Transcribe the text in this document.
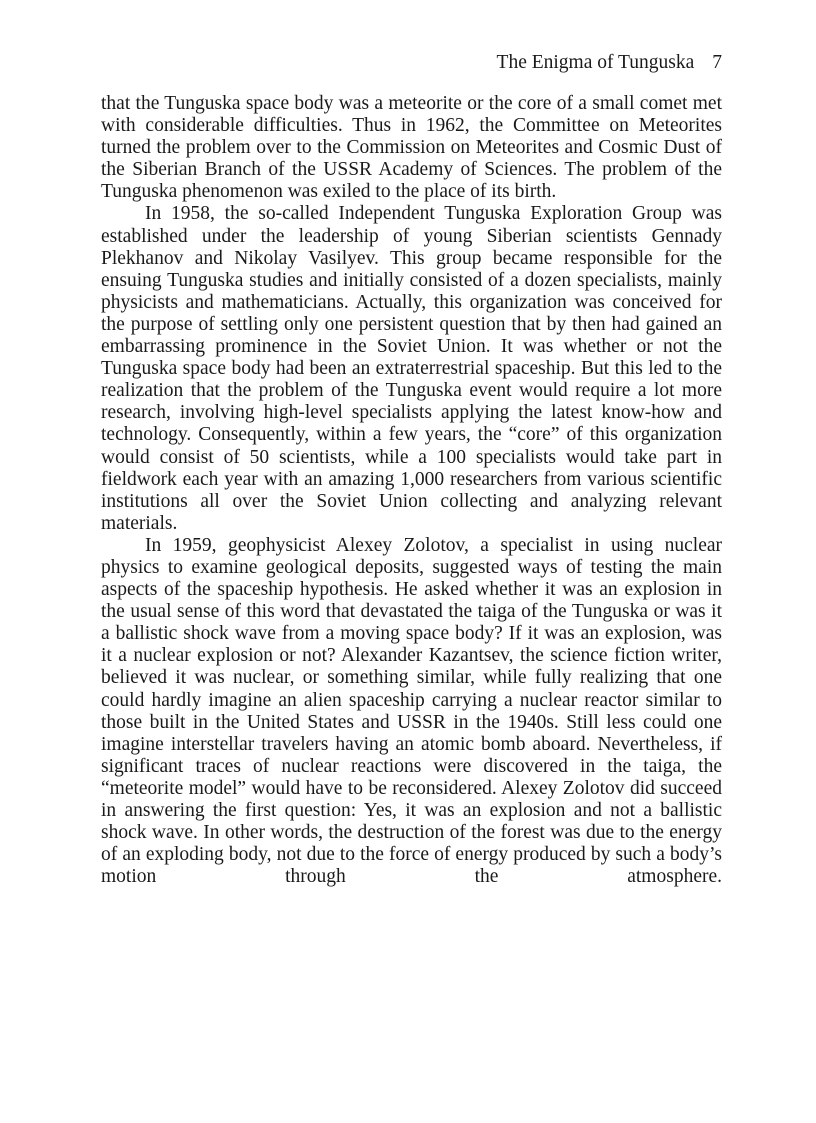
The Enigma of Tunguska 7

that the Tunguska space body was a meteorite or the core of a small comet met with considerable difficulties. Thus in 1962, the Committee on Meteorites turned the problem over to the Commission on Meteorites and Cosmic Dust of the Siberian Branch of the USSR Academy of Sciences. The problem of the Tunguska phenomenon was exiled to the place of its birth.

In 1958, the so-called Independent Tunguska Exploration Group was established under the leadership of young Siberian scientists Gennady Plekhanov and Nikolay Vasilyev. This group became responsible for the ensuing Tunguska studies and initially consisted of a dozen specialists, mainly physicists and mathematicians. Actually, this organization was conceived for the purpose of settling only one persistent question that by then had gained an embarrassing prominence in the Soviet Union. It was whether or not the Tunguska space body had been an extraterrestrial spaceship. But this led to the realization that the problem of the Tunguska event would require a lot more research, involving high-level specialists applying the latest know-how and technology. Consequently, within a few years, the “core” of this organization would consist of 50 scientists, while a 100 specialists would take part in fieldwork each year with an amazing 1,000 researchers from various scientific institutions all over the Soviet Union collecting and analyzing relevant materials.

In 1959, geophysicist Alexey Zolotov, a specialist in using nuclear physics to examine geological deposits, suggested ways of testing the main aspects of the spaceship hypothesis. He asked whether it was an explosion in the usual sense of this word that devastated the taiga of the Tunguska or was it a ballistic shock wave from a moving space body? If it was an explosion, was it a nuclear explosion or not? Alexander Kazantsev, the science fiction writer, believed it was nuclear, or something similar, while fully realizing that one could hardly imagine an alien spaceship carrying a nuclear reactor similar to those built in the United States and USSR in the 1940s. Still less could one imagine interstellar travelers having an atomic bomb aboard. Nevertheless, if significant traces of nuclear reactions were discovered in the taiga, the “meteorite model” would have to be reconsidered. Alexey Zolotov did succeed in answering the first question: Yes, it was an explosion and not a ballistic shock wave. In other words, the destruction of the forest was due to the energy of an exploding body, not due to the force of energy produced by such a body’s motion through the atmosphere.
